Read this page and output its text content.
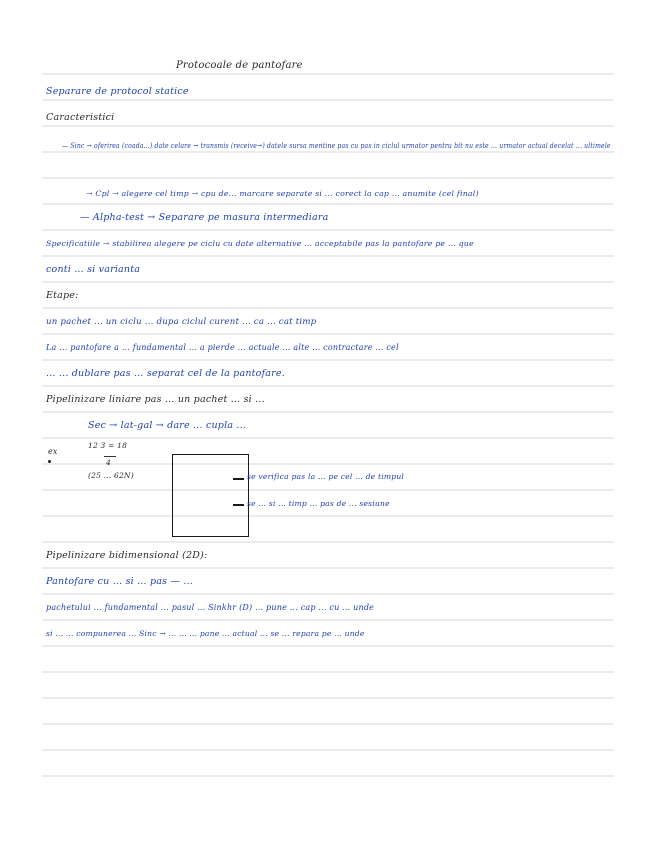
Protocoale de pantofare
Separare de protocol statice
Caracteristici
— Sinc → oferirea (coada...) date celare → transmis (receive→) datele sursa mentine pas cu pas in ciclul urmator pentru bit nu este ... urmator actual decelat ... ultimele
→ Cpl → alegere cel timp → cpu de... marcare separate si ... corect la cap ... anumite (cel final)
— Alpha-test → Separare pe masura intermediara
Specificatiile → stabilirea alegere pe ciclu cu date alternative ... acceptabile pas la pantofare pe ... que
conti ... si varianta
Etape:
un pachet ... un ciclu ... dupa ciclul curent ... ca ... cat timp
La ... pantofare a ... fundamental ... a pierde ... actuale ... alte ... contractare ... cel
... ... dublare pas ... separat cel de la pantofare.
Pipelinizare liniare pas ... un pachet ... si ...
Sec → lat-gal → dare ... cupla ...
ex
12 3 = 18
4
(25 ... 62N)	se verifica pas la ... pe cel ... de timpul
se ... si ... timp ... pas de ... sesiune
Pipelinizare bidimensional (2D):
Pantofare cu ... si ... pas — ...
pachetului ... fundamental ... pasul ... Sinkhr (D) ... pune ... cap ... cu ... unde
si ... ... compunerea ... Sinc → ... ... ... pane ... actual ... se ... repara pe ... unde
